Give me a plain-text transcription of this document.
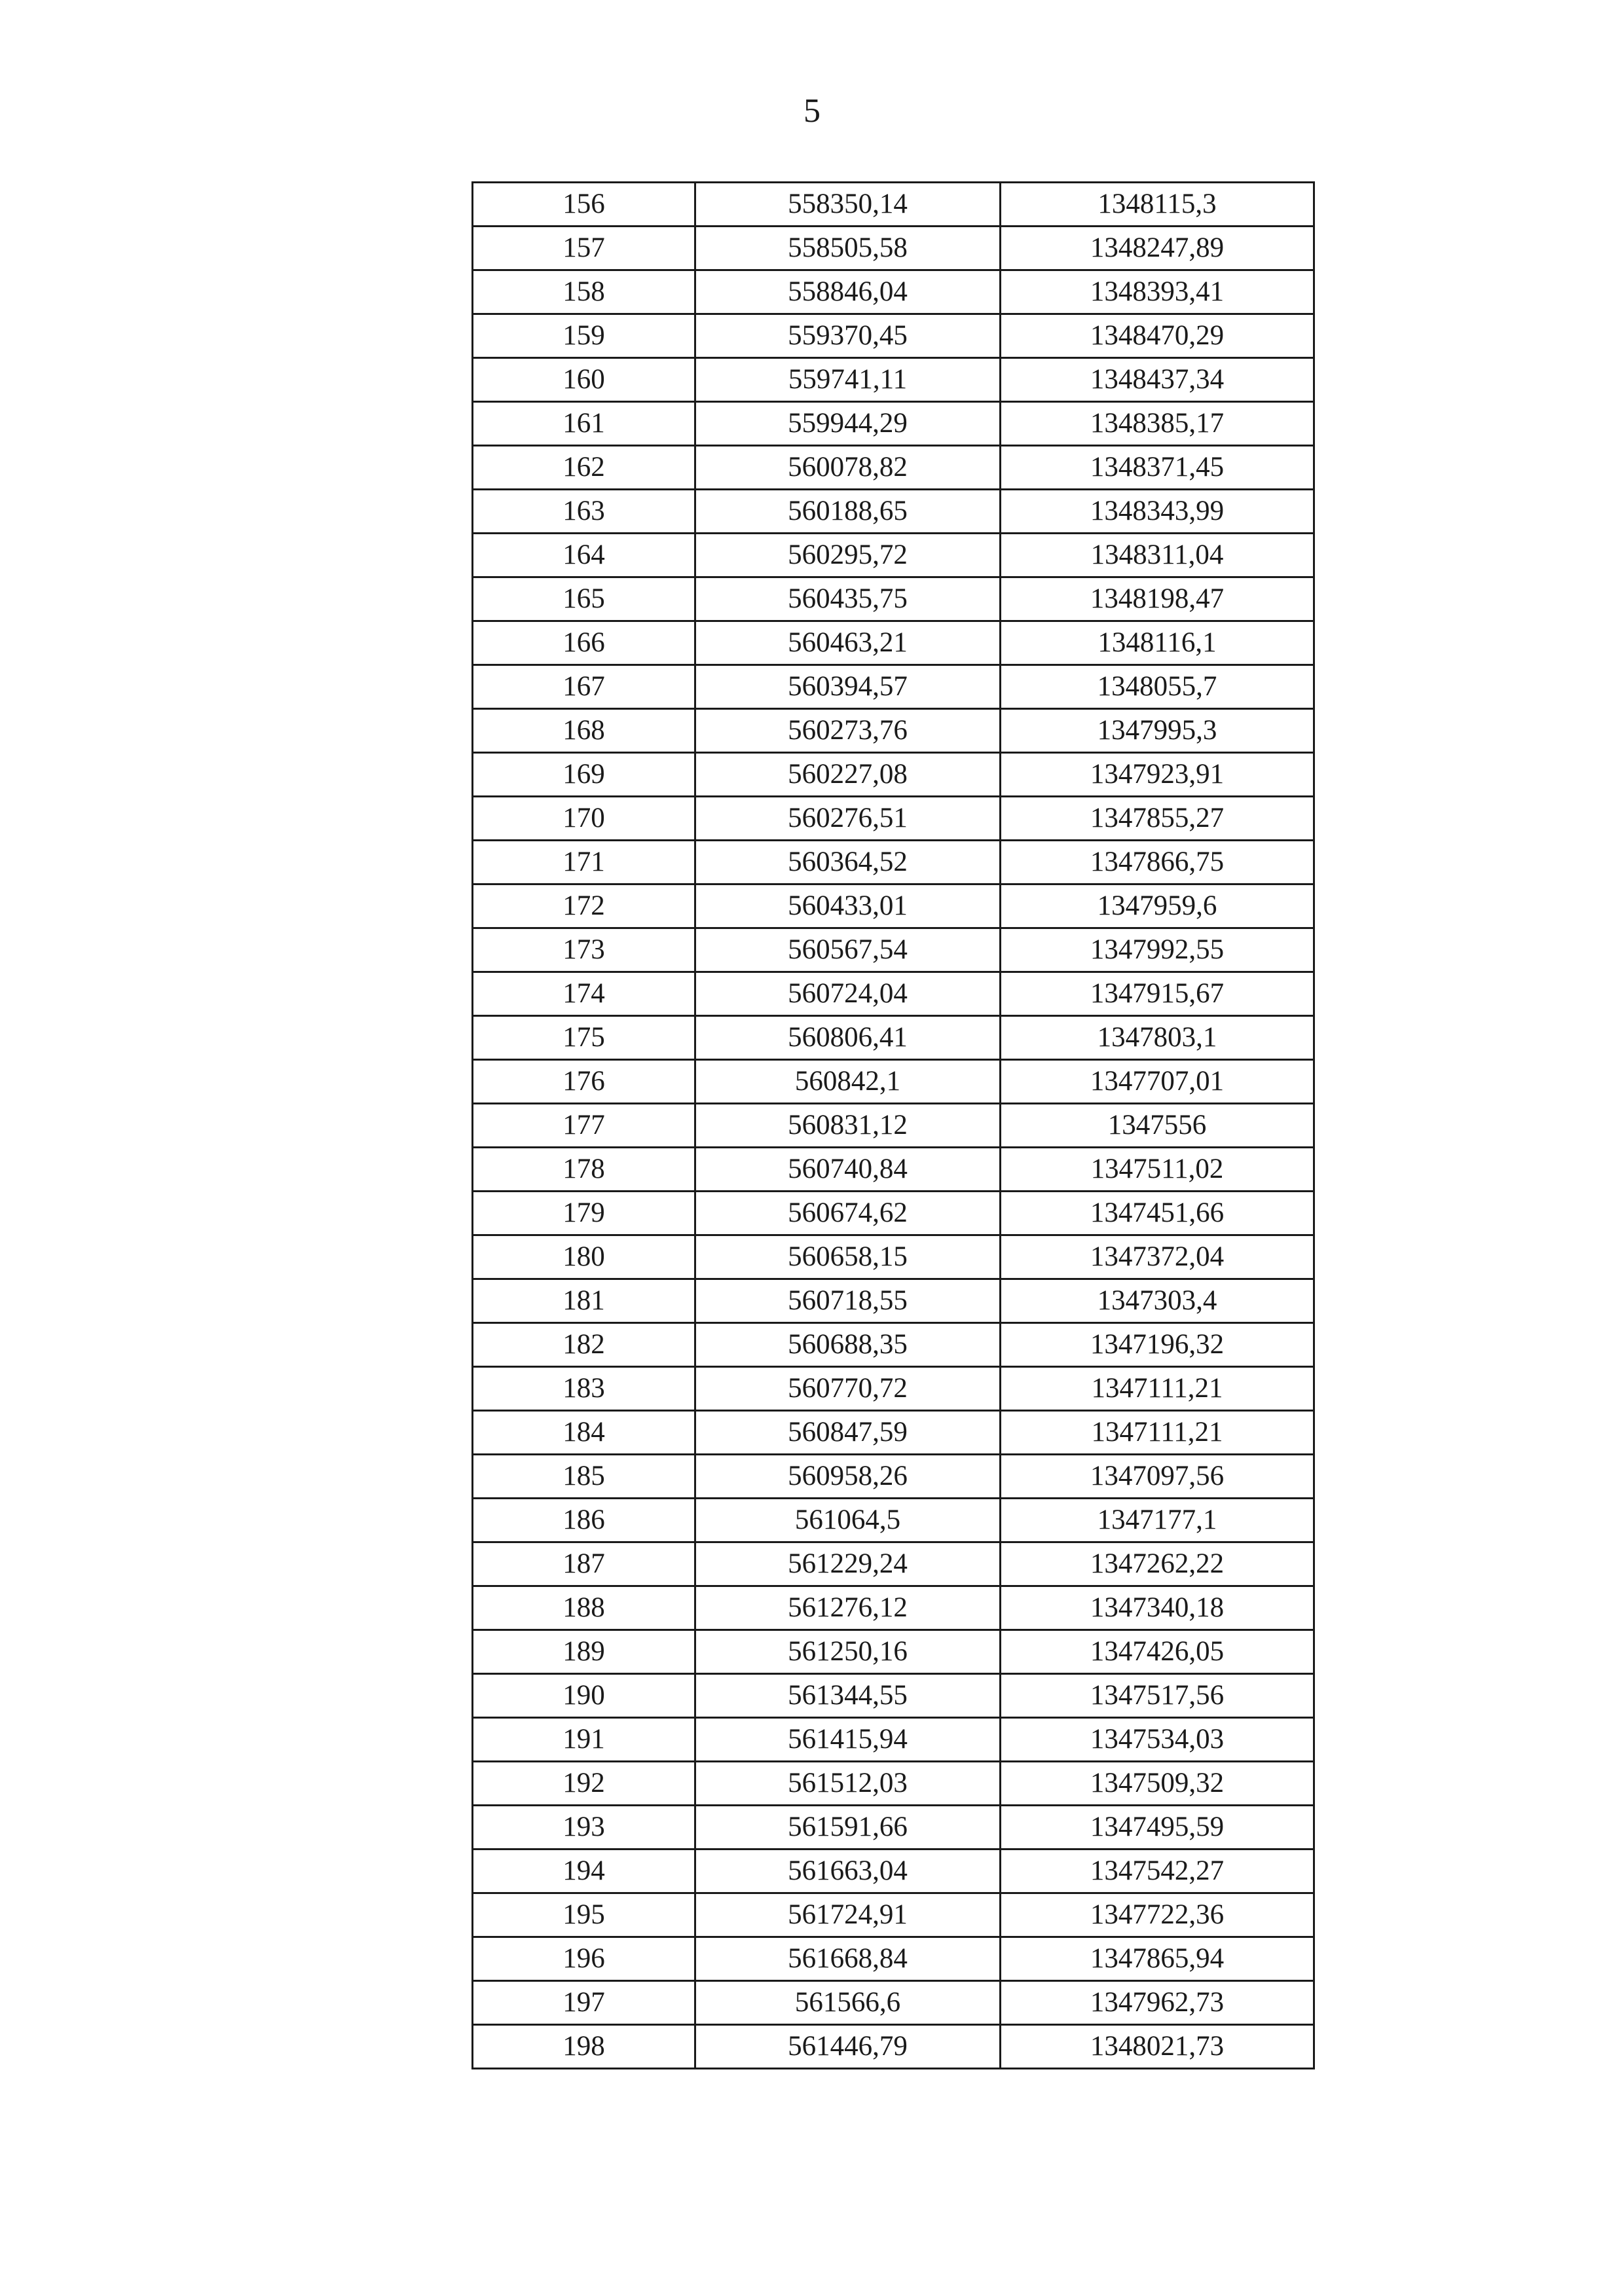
5
156	558350,14	1348115,3
157	558505,58	1348247,89
158	558846,04	1348393,41
159	559370,45	1348470,29
160	559741,11	1348437,34
161	559944,29	1348385,17
162	560078,82	1348371,45
163	560188,65	1348343,99
164	560295,72	1348311,04
165	560435,75	1348198,47
166	560463,21	1348116,1
167	560394,57	1348055,7
168	560273,76	1347995,3
169	560227,08	1347923,91
170	560276,51	1347855,27
171	560364,52	1347866,75
172	560433,01	1347959,6
173	560567,54	1347992,55
174	560724,04	1347915,67
175	560806,41	1347803,1
176	560842,1	1347707,01
177	560831,12	1347556
178	560740,84	1347511,02
179	560674,62	1347451,66
180	560658,15	1347372,04
181	560718,55	1347303,4
182	560688,35	1347196,32
183	560770,72	1347111,21
184	560847,59	1347111,21
185	560958,26	1347097,56
186	561064,5	1347177,1
187	561229,24	1347262,22
188	561276,12	1347340,18
189	561250,16	1347426,05
190	561344,55	1347517,56
191	561415,94	1347534,03
192	561512,03	1347509,32
193	561591,66	1347495,59
194	561663,04	1347542,27
195	561724,91	1347722,36
196	561668,84	1347865,94
197	561566,6	1347962,73
198	561446,79	1348021,73
